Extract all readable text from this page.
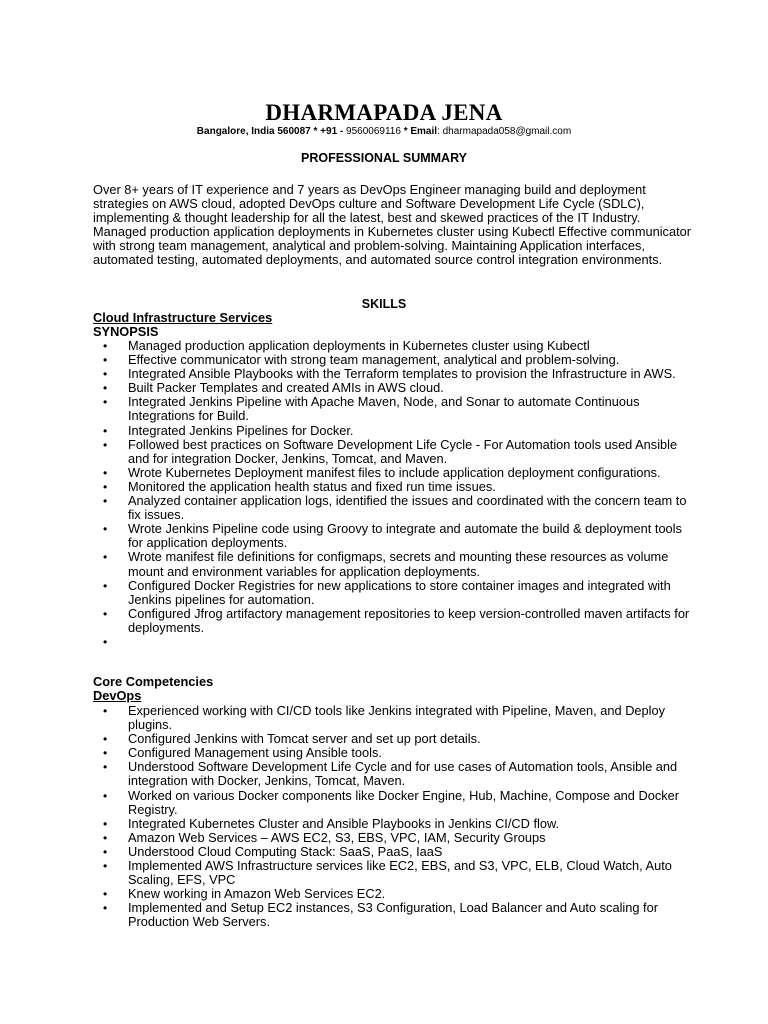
DHARMAPADA JENA
Bangalore, India 560087 * +91 - 9560069116 * Email: dharmapada058@gmail.com
PROFESSIONAL SUMMARY

Over 8+ years of IT experience and 7 years as DevOps Engineer managing build and deployment strategies on AWS cloud, adopted DevOps culture and Software Development Life Cycle (SDLC), implementing & thought leadership for all the latest, best and skewed practices of the IT Industry. Managed production application deployments in Kubernetes cluster using Kubectl Effective communicator with strong team management, analytical and problem-solving. Maintaining Application interfaces, automated testing, automated deployments, and automated source control integration environments.

SKILLS
Cloud Infrastructure Services
SYNOPSIS
• Managed production application deployments in Kubernetes cluster using Kubectl
• Effective communicator with strong team management, analytical and problem-solving.
• Integrated Ansible Playbooks with the Terraform templates to provision the Infrastructure in AWS.
• Built Packer Templates and created AMIs in AWS cloud.
• Integrated Jenkins Pipeline with Apache Maven, Node, and Sonar to automate Continuous Integrations for Build.
• Integrated Jenkins Pipelines for Docker.
• Followed best practices on Software Development Life Cycle - For Automation tools used Ansible and for integration Docker, Jenkins, Tomcat, and Maven.
• Wrote Kubernetes Deployment manifest files to include application deployment configurations.
• Monitored the application health status and fixed run time issues.
• Analyzed container application logs, identified the issues and coordinated with the concern team to fix issues.
• Wrote Jenkins Pipeline code using Groovy to integrate and automate the build & deployment tools for application deployments.
• Wrote manifest file definitions for configmaps, secrets and mounting these resources as volume mount and environment variables for application deployments.
• Configured Docker Registries for new applications to store container images and integrated with Jenkins pipelines for automation.
• Configured Jfrog artifactory management repositories to keep version-controlled maven artifacts for deployments.
•
Core Competencies
DevOps
• Experienced working with CI/CD tools like Jenkins integrated with Pipeline, Maven, and Deploy plugins.
• Configured Jenkins with Tomcat server and set up port details.
• Configured Management using Ansible tools.
• Understood Software Development Life Cycle and for use cases of Automation tools, Ansible and integration with Docker, Jenkins, Tomcat, Maven.
• Worked on various Docker components like Docker Engine, Hub, Machine, Compose and Docker Registry.
• Integrated Kubernetes Cluster and Ansible Playbooks in Jenkins CI/CD flow.
• Amazon Web Services – AWS EC2, S3, EBS, VPC, IAM, Security Groups
• Understood Cloud Computing Stack: SaaS, PaaS, IaaS
• Implemented AWS Infrastructure services like EC2, EBS, and S3, VPC, ELB, Cloud Watch, Auto Scaling, EFS, VPC
• Knew working in Amazon Web Services EC2.
• Implemented and Setup EC2 instances, S3 Configuration, Load Balancer and Auto scaling for Production Web Servers.
